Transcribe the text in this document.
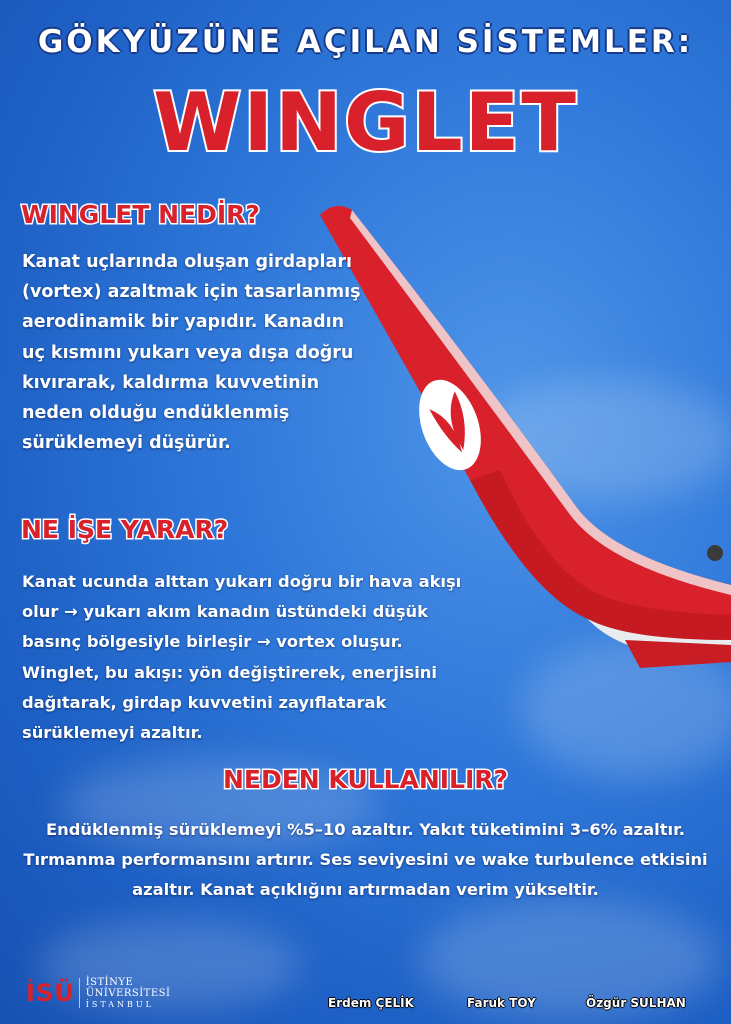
GÖKYÜZÜNE AÇILAN SİSTEMLER:
WINGLET
WINGLET NEDİR?
Kanat uçlarında oluşan girdapları (vortex) azaltmak için tasarlanmış aerodinamik bir yapıdır. Kanadın uç kısmını yukarı veya dışa doğru kıvırarak, kaldırma kuvvetinin neden olduğu endüklenmiş sürüklemeyi düşürür.
NE İŞE YARAR?
Kanat ucunda alttan yukarı doğru bir hava akışı olur → yukarı akım kanadın üstündeki düşük basınç bölgesiyle birleşir → vortex oluşur. Winglet, bu akışı: yön değiştirerek, enerjisini dağıtarak, girdap kuvvetini zayıflatarak sürüklemeyi azaltır.
NEDEN KULLANILIR?
Endüklenmiş sürüklemeyi %5–10 azaltır. Yakıt tüketimini 3–6% azaltır. Tırmanma performansını artırır. Ses seviyesini ve wake turbulence etkisini azaltır. Kanat açıklığını artırmadan verim yükseltir.
İSÜ İSTİNYE
ÜNİVERSİTESİ
İSTANBUL	Erdem ÇELİK	Faruk TOY	Özgür SULHAN
